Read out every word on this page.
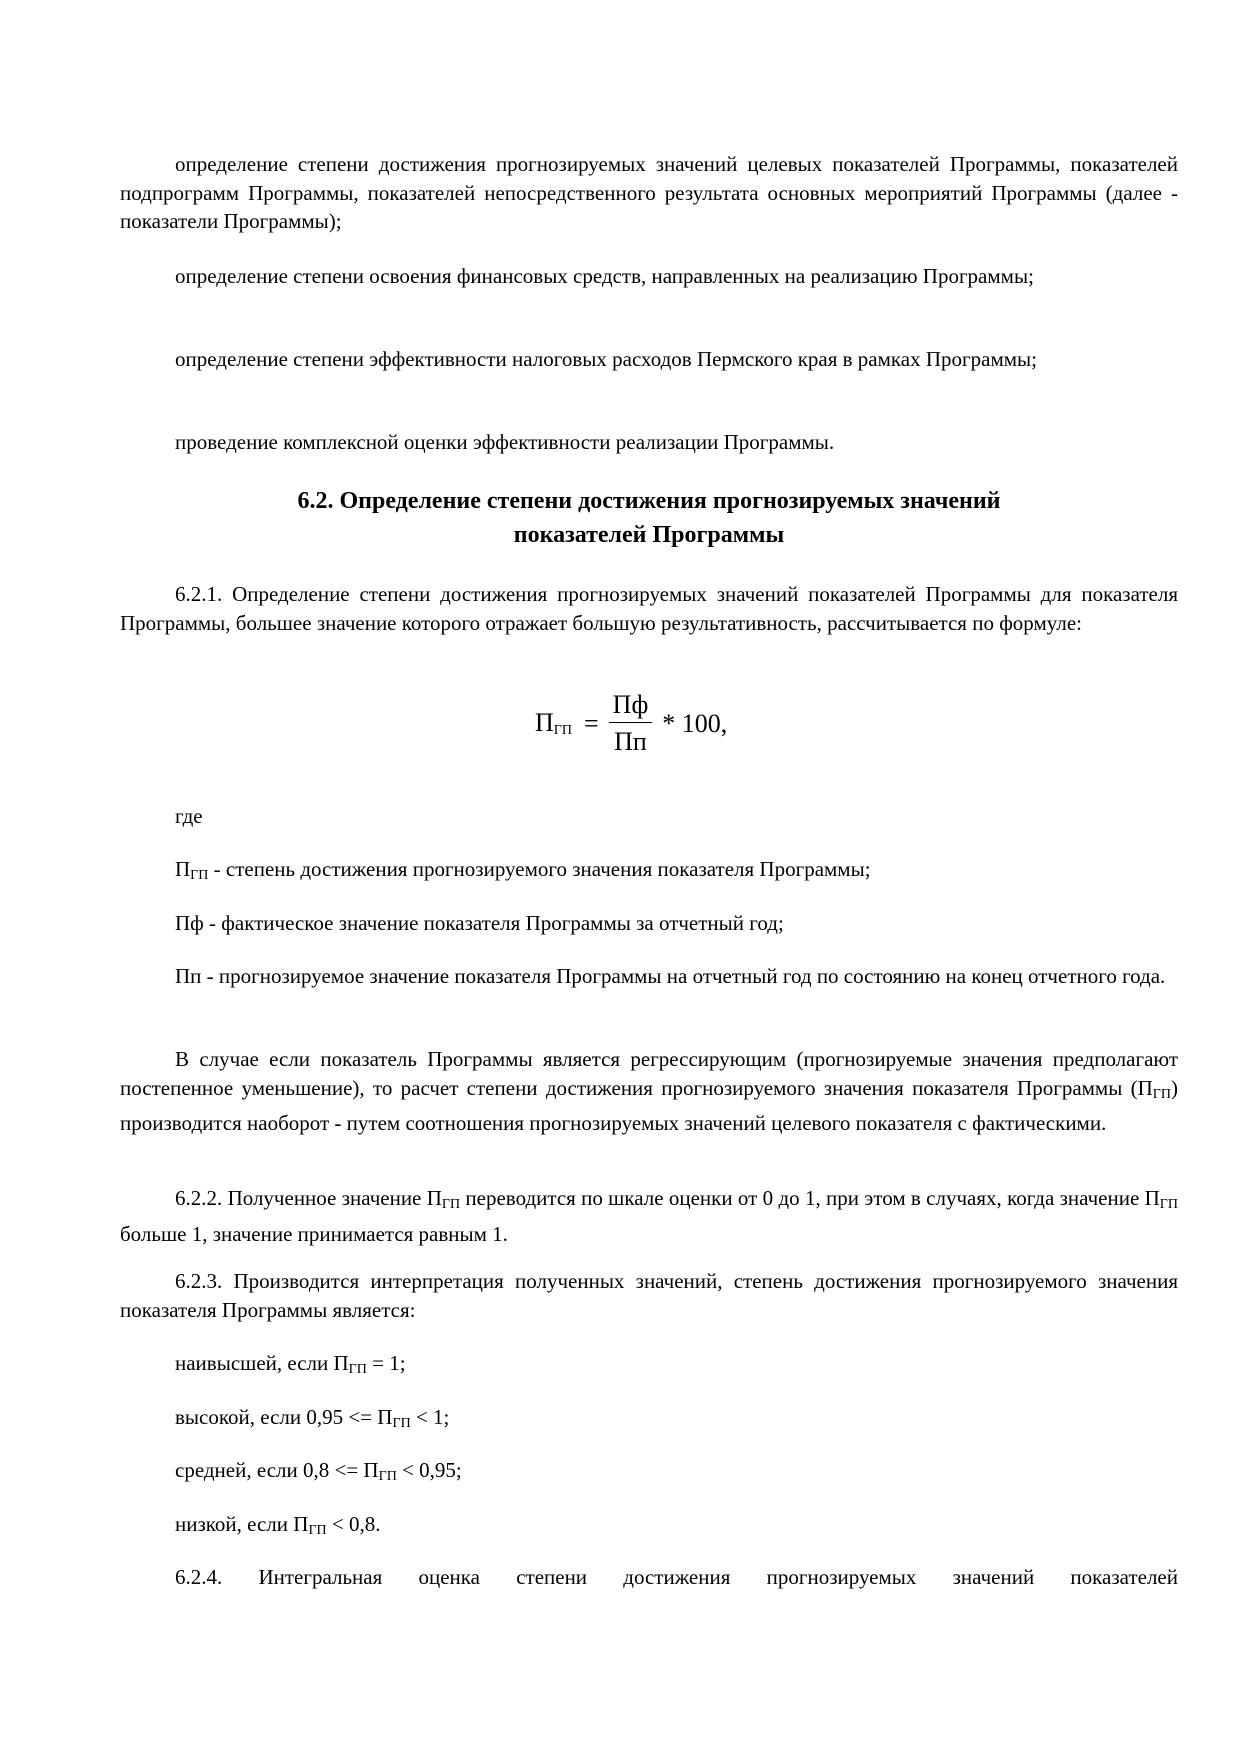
определение степени достижения прогнозируемых значений целевых показателей Программы, показателей подпрограмм Программы, показателей непосредственного результата основных мероприятий Программы (далее - показатели Программы);

определение степени освоения финансовых средств, направленных на реализацию Программы;

определение степени эффективности налоговых расходов Пермского края в рамках Программы;

проведение комплексной оценки эффективности реализации Программы.

6.2. Определение степени достижения прогнозируемых значений
показателей Программы

6.2.1. Определение степени достижения прогнозируемых значений показателей Программы для показателя Программы, большее значение которого отражает большую результативность, рассчитывается по формуле:

$П_{ГП} = \frac{Пф}{Пп} * 100$,

где

$П_{ГП}$ - степень достижения прогнозируемого значения показателя Программы;

Пф - фактическое значение показателя Программы за отчетный год;

Пп - прогнозируемое значение показателя Программы на отчетный год по состоянию на конец отчетного года.

В случае если показатель Программы является регрессирующим (прогнозируемые значения предполагают постепенное уменьшение), то расчет степени достижения прогнозируемого значения показателя Программы $(П_{ГП})$ производится наоборот - путем соотношения прогнозируемых значений целевого показателя с фактическими.

6.2.2. Полученное значение $П_{ГП}$ переводится по шкале оценки от 0 до 1, при этом в случаях, когда значение $П_{ГП}$ больше 1, значение принимается равным 1.

6.2.3. Производится интерпретация полученных значений, степень достижения прогнозируемого значения показателя Программы является:

наивысшей, если $П_{ГП} = 1$;

высокой, если $0,95 <= П_{ГП} < 1$;

средней, если $0,8 <= П_{ГП} < 0,95$;

низкой, если $П_{ГП} < 0,8$.

6.2.4. Интегральная оценка степени достижения прогнозируемых значений показателей
